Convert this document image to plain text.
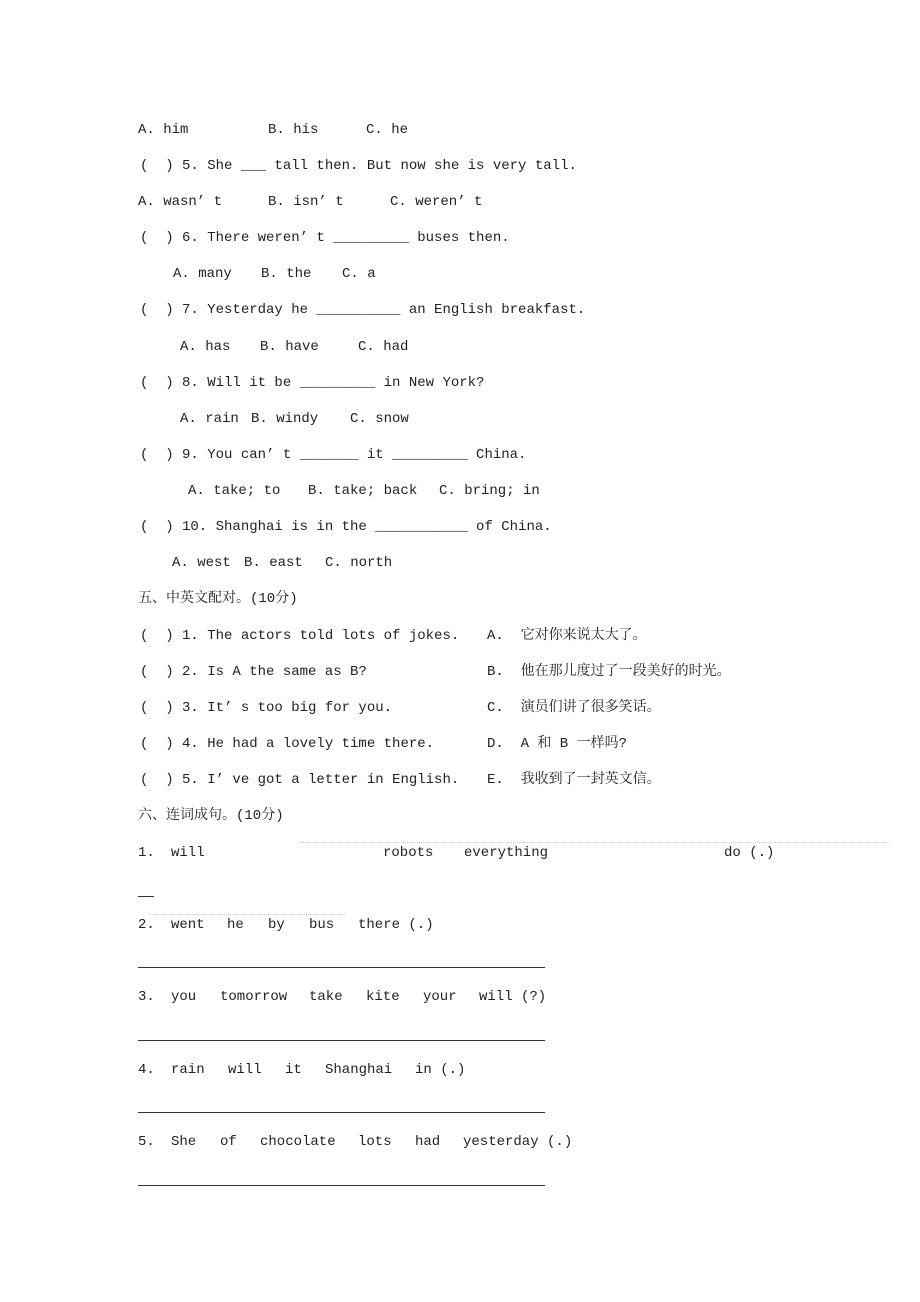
A. him	B. his	C. he
(  ) 5. She ___ tall then. But now she is very tall.
A. wasn’ t	B. isn’ t	C. weren’ t
(  ) 6. There weren’ t _________ buses then.
A. many B. the C. a
(  ) 7. Yesterday he __________ an English breakfast.
A. has B. have	C. had
(  ) 8. Will it be _________ in New York?
A. rain B. windy C. snow
(  ) 9. You can’ t _______ it _________ China.
A. take; to B. take; back C. bring; in
(  ) 10. Shanghai is in the ___________ of China.
A. west B. east C. north
五、中英文配对。(10分)
(  ) 1. The actors told lots of jokes. A.  它对你来说太大了。
(  ) 2. Is A the same as B?	B.  他在那儿度过了一段美好的时光。
(  ) 3. It’ s too big for you.	C.  演员们讲了很多笑话。
(  ) 4. He had a lovely time there.	D.  A 和 B 一样吗?
(  ) 5. I’ ve got a letter in English. E.  我收到了一封英文信。
六、连词成句。(10分)
1. will	robots everything	do (.)
2. went he by bus there (.)
3. you tomorrow take kite your will (?)
4. rain will it Shanghai in (.)
5. She of chocolate lots had yesterday (.)
